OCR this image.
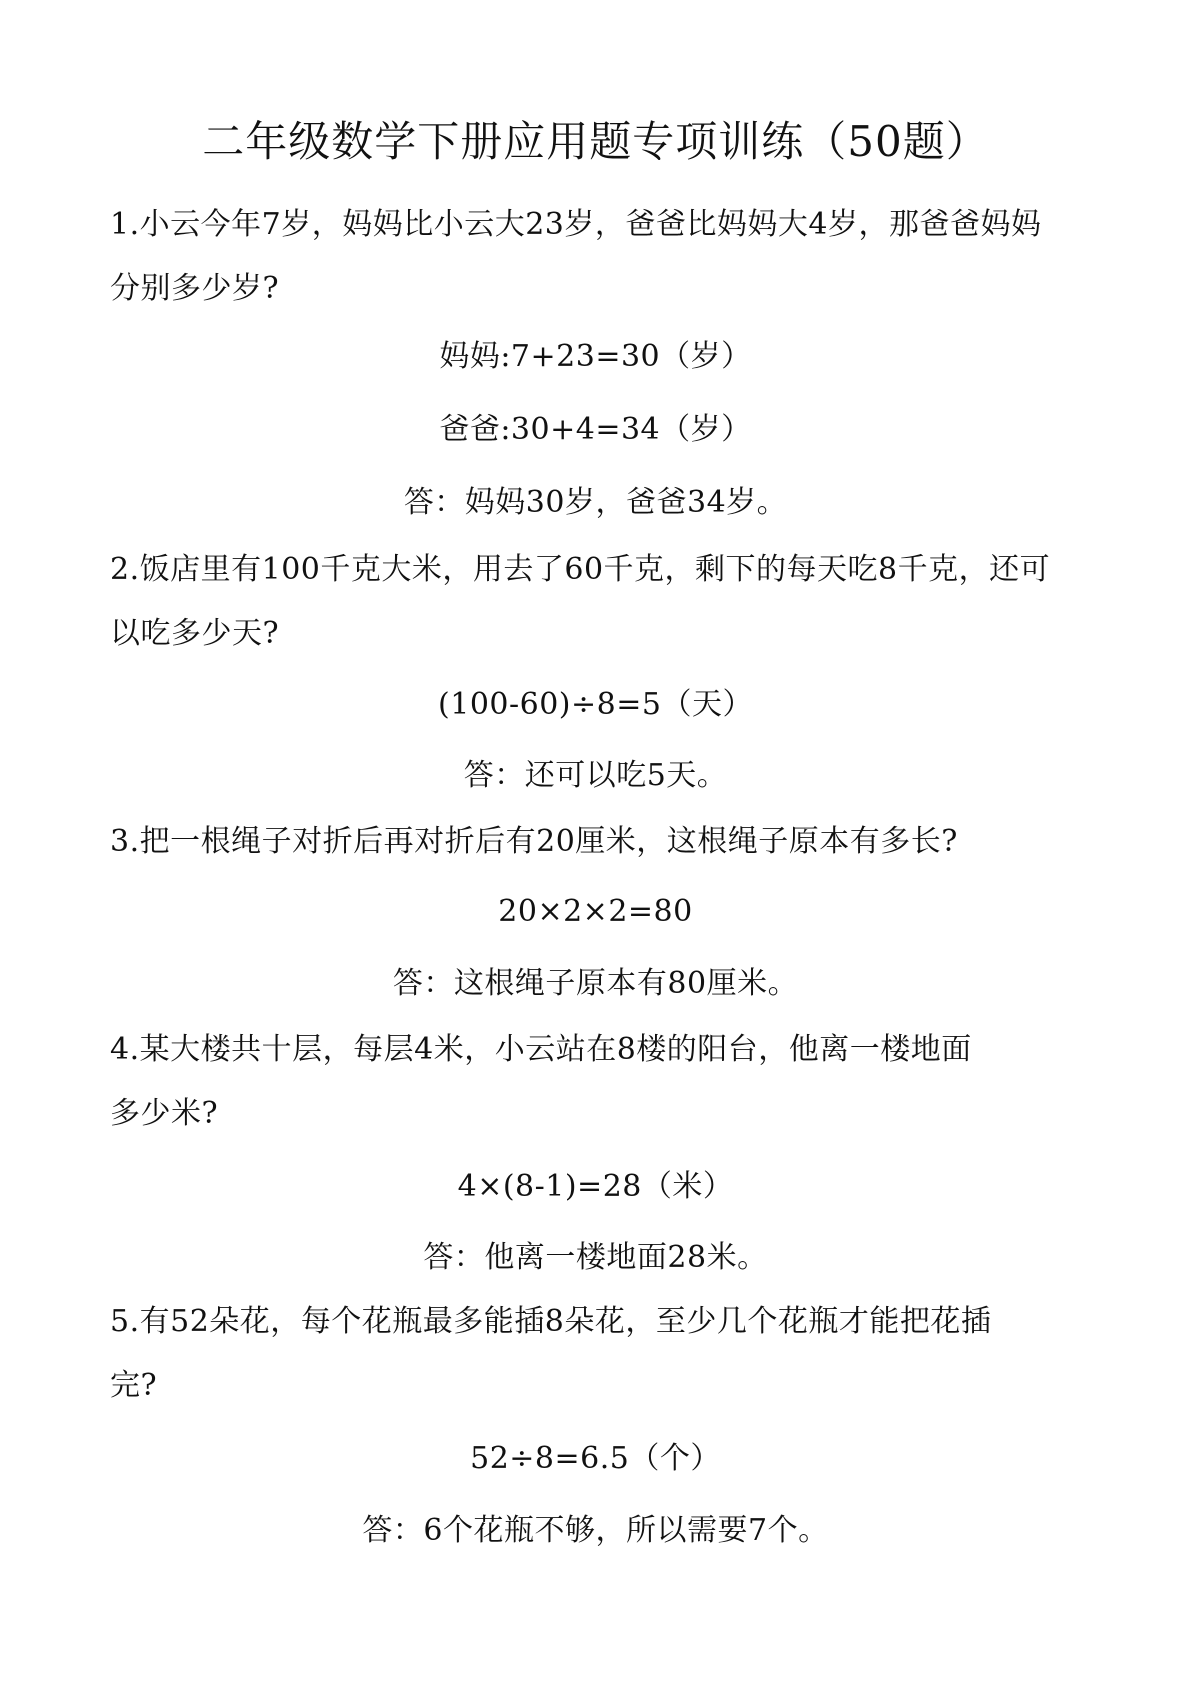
二年级数学下册应用题专项训练（50题）
1.小云今年7岁，妈妈比小云大23岁，爸爸比妈妈大4岁，那爸爸妈妈
分别多少岁?
妈妈:7+23=30（岁）
爸爸:30+4=34（岁）
答：妈妈30岁，爸爸34岁。
2.饭店里有100千克大米，用去了60千克，剩下的每天吃8千克，还可
以吃多少天?
(100-60)÷8=5（天）
答：还可以吃5天。
3.把一根绳子对折后再对折后有20厘米，这根绳子原本有多长?
20×2×2=80
答：这根绳子原本有80厘米。
4.某大楼共十层，每层4米，小云站在8楼的阳台，他离一楼地面
多少米?
4×(8-1)=28（米）
答：他离一楼地面28米。
5.有52朵花，每个花瓶最多能插8朵花，至少几个花瓶才能把花插
完?
52÷8=6.5（个）
答：6个花瓶不够，所以需要7个。
